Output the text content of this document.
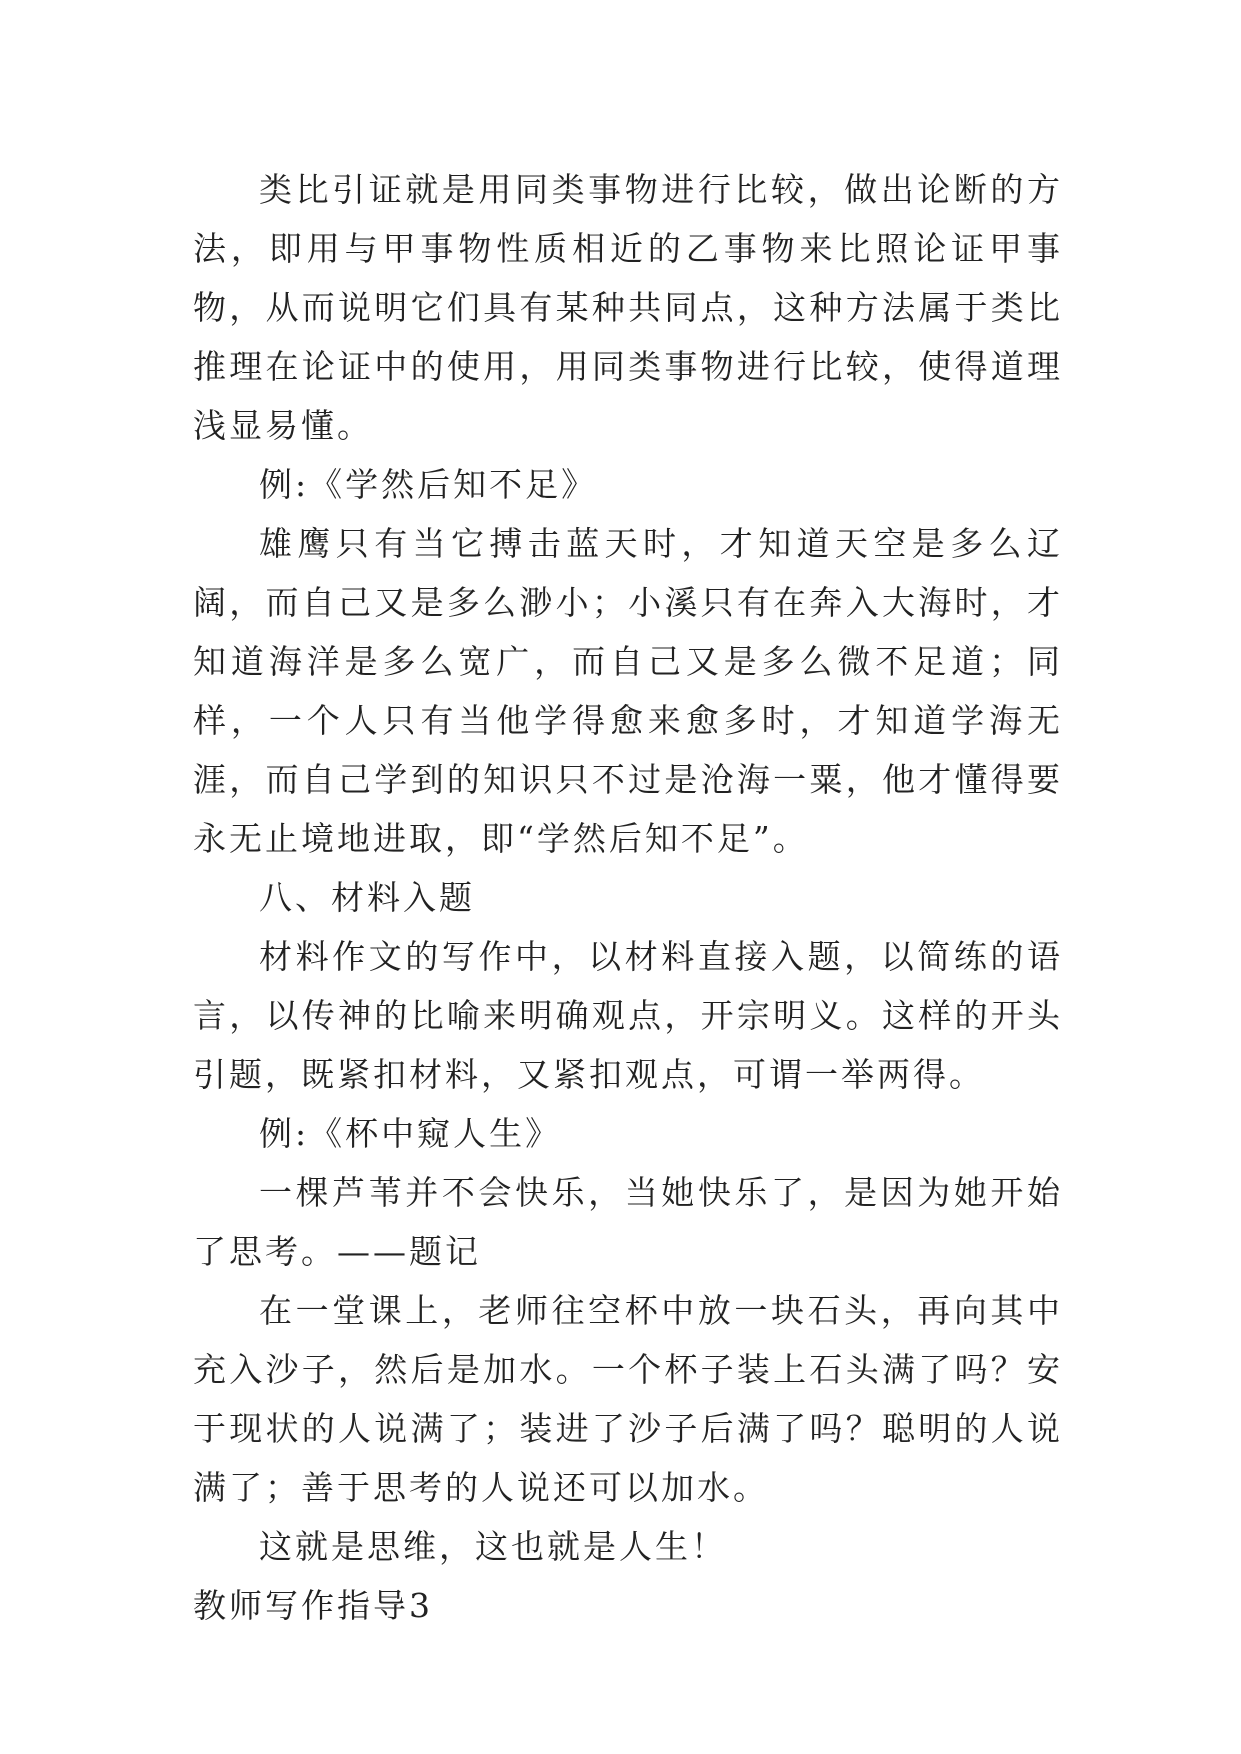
类比引证就是用同类事物进行比较，做出论断的方法，即用与甲事物性质相近的乙事物来比照论证甲事物，从而说明它们具有某种共同点，这种方法属于类比推理在论证中的使用，用同类事物进行比较，使得道理浅显易懂。

例:《学然后知不足》

雄鹰只有当它搏击蓝天时，才知道天空是多么辽阔，而自己又是多么渺小；小溪只有在奔入大海时，才知道海洋是多么宽广，而自己又是多么微不足道；同样，一个人只有当他学得愈来愈多时，才知道学海无涯，而自己学到的知识只不过是沧海一粟，他才懂得要永无止境地进取，即“学然后知不足”。

八、材料入题

材料作文的写作中，以材料直接入题，以简练的语言，以传神的比喻来明确观点，开宗明义。这样的开头引题，既紧扣材料，又紧扣观点，可谓一举两得。

例:《杯中窥人生》

一棵芦苇并不会快乐，当她快乐了，是因为她开始了思考。——题记

在一堂课上，老师往空杯中放一块石头，再向其中充入沙子，然后是加水。一个杯子装上石头满了吗？安于现状的人说满了；装进了沙子后满了吗？聪明的人说满了；善于思考的人说还可以加水。

这就是思维，这也就是人生！

教师写作指导3
